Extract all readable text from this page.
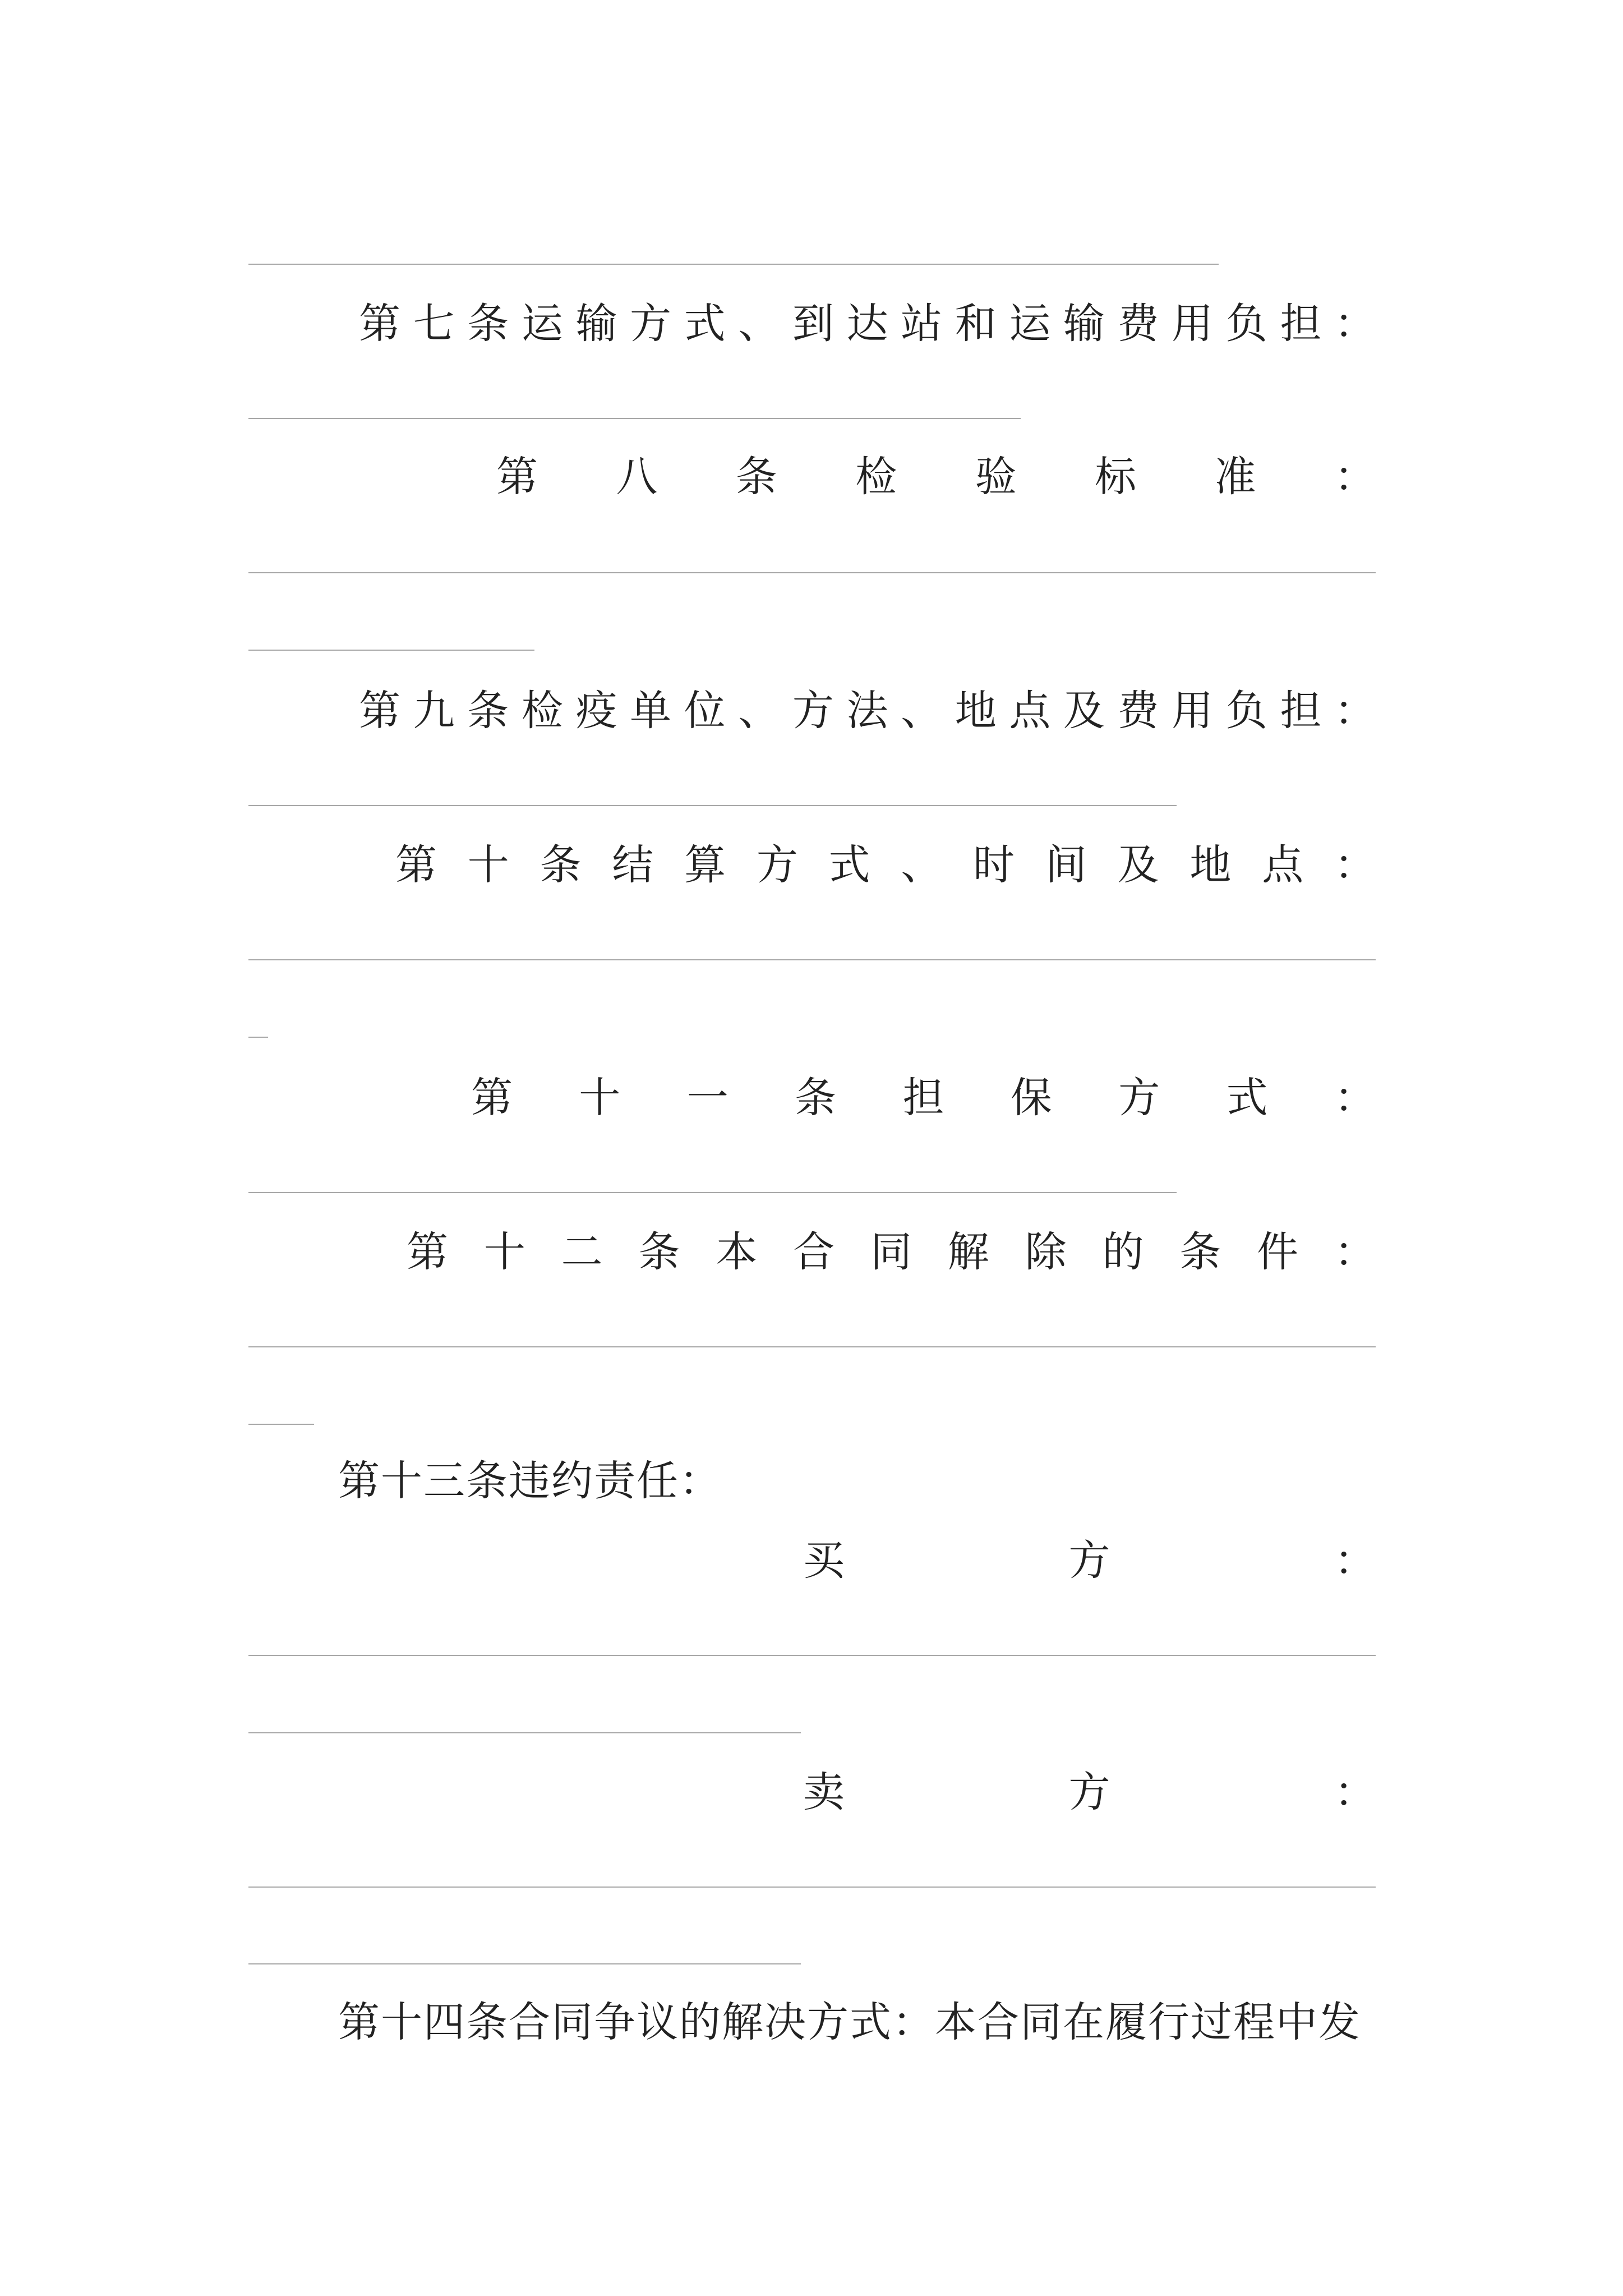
第 七 条 运 输 方 式 、 到 达 站 和 运 输 费 用 负 担 ：
第 八 条 检 验 标 准 ：
第 九 条 检 疫 单 位 、 方 法 、 地 点 及 费 用 负 担 ：
第 十 条 结 算 方 式 、 时 间 及 地 点 ：
第 十 一 条 担 保 方 式 ：
第 十 二 条 本 合 同 解 除 的 条 件 ：
第十三条违约责任：
买	方	：
卖	方	：
第十四条合同争议的解决方式：本合同在履行过程中发
